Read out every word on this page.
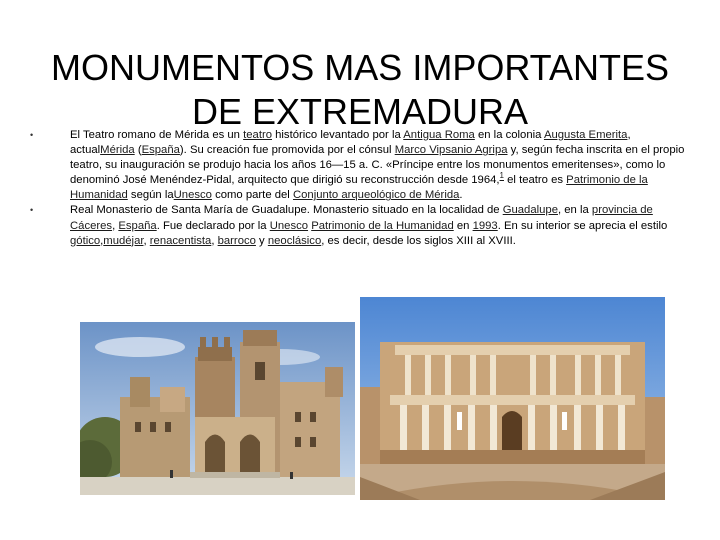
MONUMENTOS MAS IMPORTANTES
DE EXTREMADURA
•	El Teatro romano de Mérida es un teatro histórico levantado por la Antigua Roma en la colonia Augusta Emerita, actualMérida (España). Su creación fue promovida por el cónsul Marco Vipsanio Agripa y, según fecha inscrita en el propio teatro, su inauguración se produjo hacia los años 16—15 a. C. «Príncipe entre los monumentos emeritenses», como lo denominó José Menéndez-Pidal, arquitecto que dirigió su reconstrucción desde 1964,$^1$ el teatro es Patrimonio de la Humanidad según laUnesco como parte del Conjunto arqueológico de Mérida.
•	Real Monasterio de Santa María de Guadalupe. Monasterio situado en la localidad de Guadalupe, en la provincia de Cáceres, España. Fue declarado por la Unesco Patrimonio de la Humanidad en 1993. En su interior se aprecia el estilo gótico,mudéjar, renacentista, barroco y neoclásico, es decir, desde los siglos XIII al XVIII.
